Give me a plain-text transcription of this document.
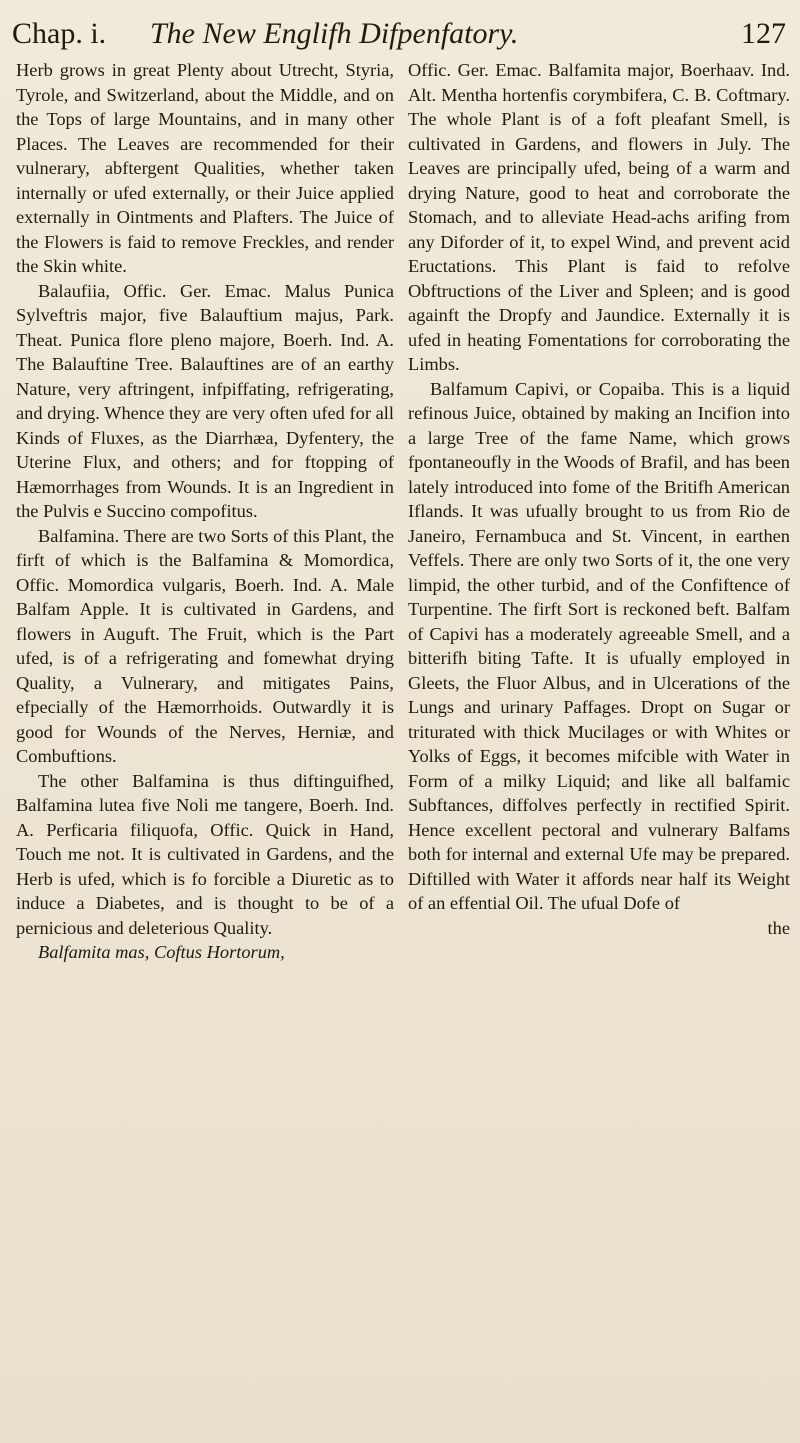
Chap. i. The New Englifh Difpenfatory.	127

Herb grows in great Plenty about Utrecht, Styria, Tyrole, and Switzerland, about the Middle, and on the Tops of large Mountains, and in many other Places. The Leaves are recommended for their vulnerary, abftergent Qualities, whether taken internally or ufed externally, or their Juice applied externally in Ointments and Plafters. The Juice of the Flowers is faid to remove Freckles, and render the Skin white.

Balaufiia, Offic. Ger. Emac. Malus Punica Sylveftris major, five Balauftium majus, Park. Theat. Punica flore pleno majore, Boerh. Ind. A. The Balauftine Tree. Balauftines are of an earthy Nature, very aftringent, infpiffating, refrigerating, and drying. Whence they are very often ufed for all Kinds of Fluxes, as the Diarrhæa, Dyfentery, the Uterine Flux, and others; and for ftopping of Hæmorrhages from Wounds. It is an Ingredient in the Pulvis e Succino compofitus.

Balfamina. There are two Sorts of this Plant, the firft of which is the Balfamina & Momordica, Offic. Momordica vulgaris, Boerh. Ind. A. Male Balfam Apple. It is cultivated in Gardens, and flowers in Auguft. The Fruit, which is the Part ufed, is of a refrigerating and fomewhat drying Quality, a Vulnerary, and mitigates Pains, efpecially of the Hæmorrhoids. Outwardly it is good for Wounds of the Nerves, Herniæ, and Combuftions.

The other Balfamina is thus diftinguifhed, Balfamina lutea five Noli me tangere, Boerh. Ind. A. Perficaria filiquofa, Offic. Quick in Hand, Touch me not. It is cultivated in Gardens, and the Herb is ufed, which is fo forcible a Diuretic as to induce a Diabetes, and is thought to be of a pernicious and deleterious Quality.

Balfamita mas, Coftus Hortorum,

Offic. Ger. Emac. Balfamita major, Boerhaav. Ind. Alt. Mentha hortenfis corymbifera, C. B. Coftmary. The whole Plant is of a foft pleafant Smell, is cultivated in Gardens, and flowers in July. The Leaves are principally ufed, being of a warm and drying Nature, good to heat and corroborate the Stomach, and to alleviate Head-achs arifing from any Diforder of it, to expel Wind, and prevent acid Eructations. This Plant is faid to refolve Obftructions of the Liver and Spleen; and is good againft the Dropfy and Jaundice. Externally it is ufed in heating Fomentations for corroborating the Limbs.

Balfamum Capivi, or Copaiba. This is a liquid refinous Juice, obtained by making an Incifion into a large Tree of the fame Name, which grows fpontaneoufly in the Woods of Brafil, and has been lately introduced into fome of the Britifh American Iflands. It was ufually brought to us from Rio de Janeiro, Fernambuca and St. Vincent, in earthen Veffels. There are only two Sorts of it, the one very limpid, the other turbid, and of the Confiftence of Turpentine. The firft Sort is reckoned beft. Balfam of Capivi has a moderately agreeable Smell, and a bitterifh biting Tafte. It is ufually employed in Gleets, the Fluor Albus, and in Ulcerations of the Lungs and urinary Paffages. Dropt on Sugar or triturated with thick Mucilages or with Whites or Yolks of Eggs, it becomes mifcible with Water in Form of a milky Liquid; and like all balfamic Subftances, diffolves perfectly in rectified Spirit. Hence excellent pectoral and vulnerary Balfams both for internal and external Ufe may be prepared. Diftilled with Water it affords near half its Weight of an effential Oil. The ufual Dofe of

the
